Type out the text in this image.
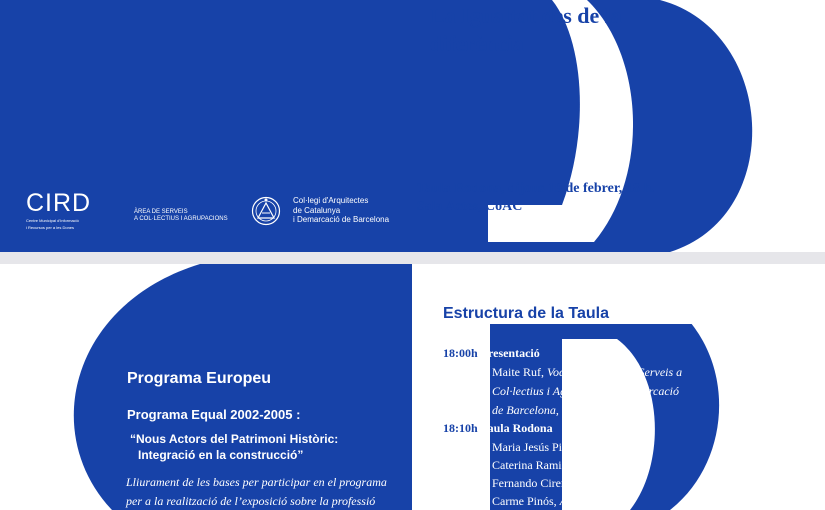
CIRD
Centre Municipal d'Informació
i Recursos per a les Dones
ÀREA DE SERVEIS
A COL·LECTIUS I AGRUPACIONS
Col·legi d'Arquitectes
de Catalunya
i Demarcació de Barcelona
La Igualtat des de la
diferència
Taula Rodona, dijous 19 de febrer, 18 h.
Sala Actes, CoAC
Programa Europeu
Programa Equal 2002-2005 :
“Nous Actors del Patrimoni Històric:
Integració en la construcció”
Lliurament de les bases per participar en el programa
per a la realització de l’exposició sobre la professió
Estructura de la Taula
18:00h Presentació
Maite Ruf, Vocal de l’Àrea de Serveis a
Col·lectius i Agrupacions, Demarcació
de Barcelona, CoAC
18:10h Taula Rodona
Maria Jesús Pinto, Antropòloga
Caterina Ramis, Arquitecta
Fernando Cirera, Economista
Carme Pinós, Arquitecta
